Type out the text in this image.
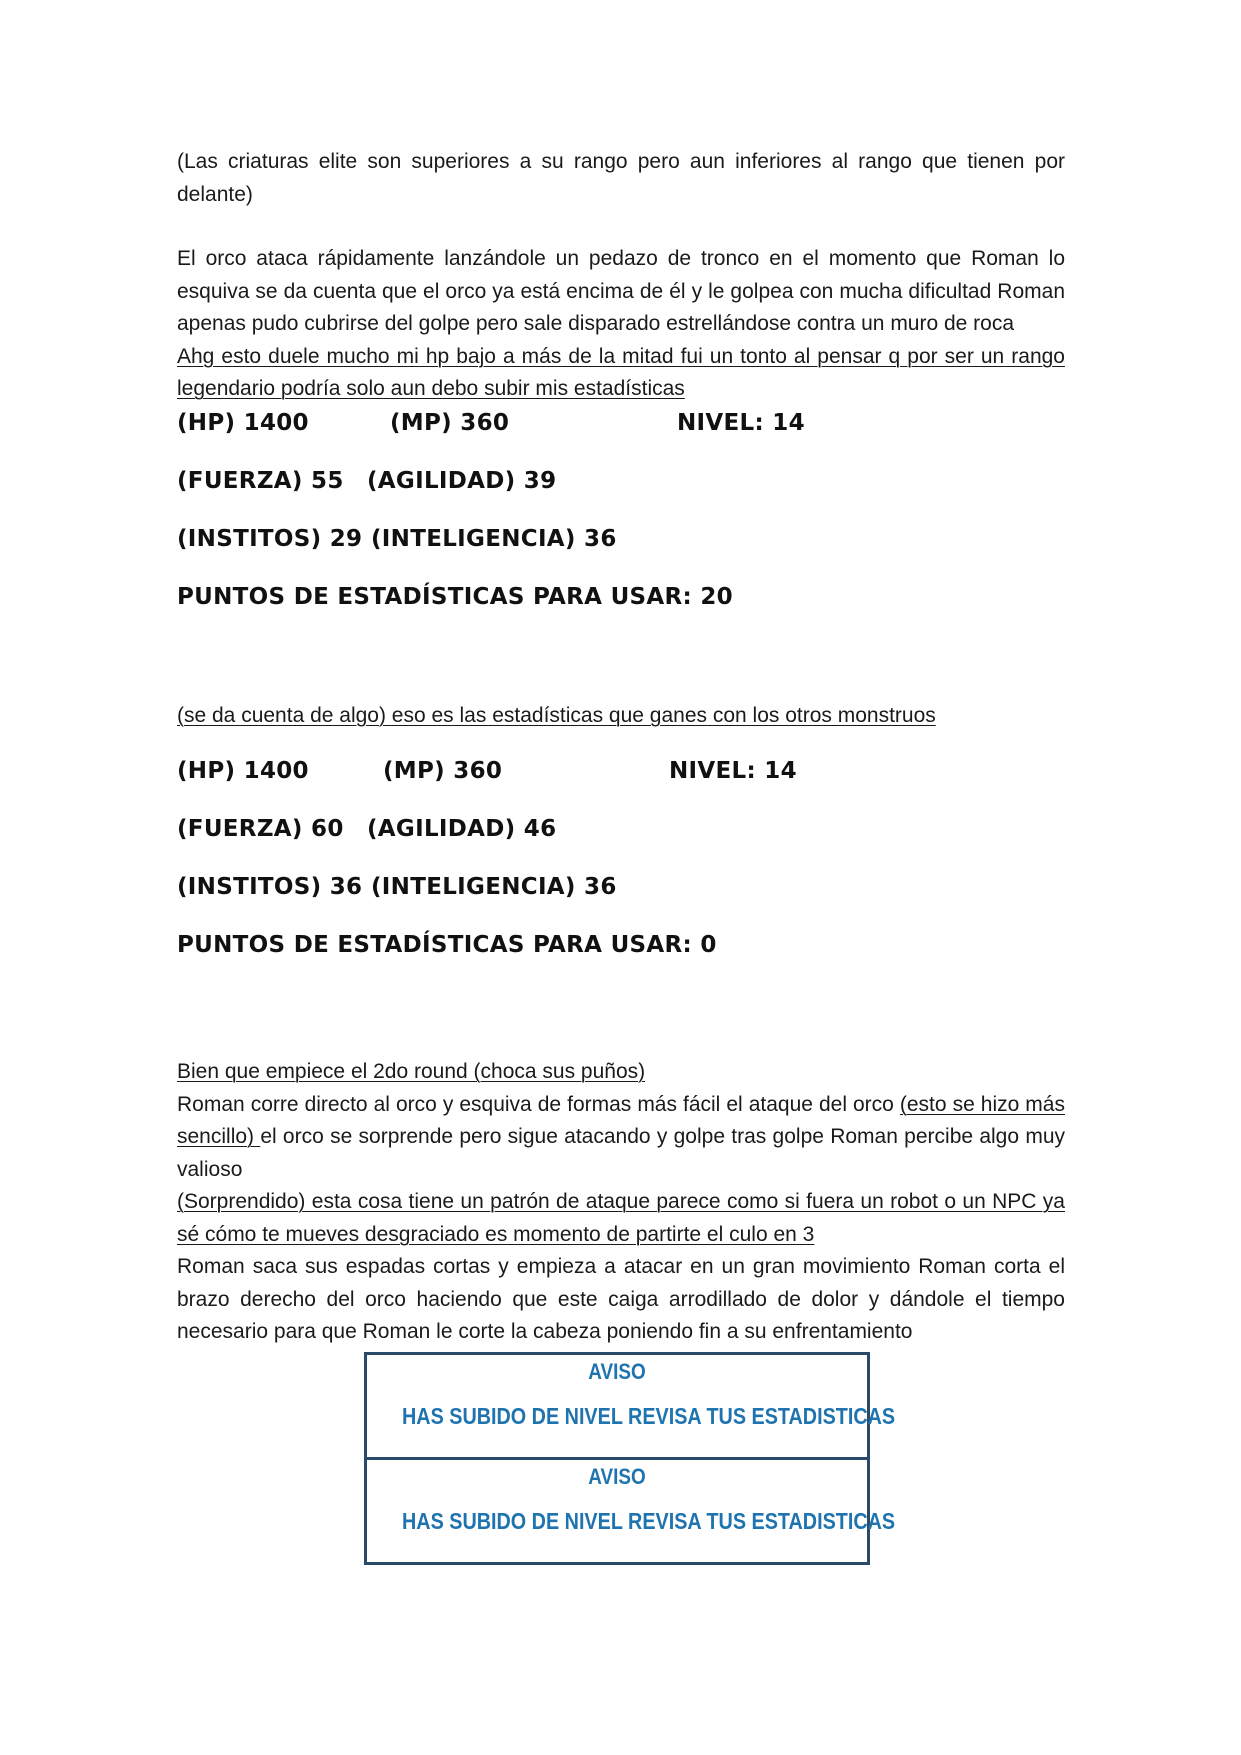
(Las criaturas elite son superiores a su rango pero aun inferiores al rango que tienen por delante)

El orco ataca rápidamente lanzándole un pedazo de tronco en el momento que Roman lo esquiva se da cuenta que el orco ya está encima de él y le golpea con mucha dificultad Roman apenas pudo cubrirse del golpe pero sale disparado estrellándose contra un muro de roca

Ahg esto duele mucho mi hp bajo a más de la mitad fui un tonto al pensar q por ser un rango legendario podría solo aun debo subir mis estadísticas

(HP) 1400

	(MP) 360

	NIVEL: 14

(FUERZA) 55

(AGILIDAD) 39

(INSTITOS) 29

(INTELIGENCIA) 36

PUNTOS DE ESTADÍSTICAS PARA USAR: 20

(se da cuenta de algo) eso es las estadísticas que ganes con los otros monstruos

(HP) 1400

	(MP) 360

	NIVEL: 14

(FUERZA) 60

(AGILIDAD) 46

(INSTITOS) 36

(INTELIGENCIA) 36

PUNTOS DE ESTADÍSTICAS PARA USAR: 0

Bien que empiece el 2do round (choca sus puños)

Roman corre directo al orco y esquiva de formas más fácil el ataque del orco (esto se hizo más sencillo) el orco se sorprende pero sigue atacando y golpe tras golpe Roman percibe algo muy valioso

(Sorprendido) esta cosa tiene un patrón de ataque parece como si fuera un robot o un NPC ya sé cómo te mueves desgraciado es momento de partirte el culo en 3

Roman saca sus espadas cortas y empieza a atacar en un gran movimiento Roman corta el brazo derecho del orco haciendo que este caiga arrodillado de dolor y dándole el tiempo necesario para que Roman le corte la cabeza poniendo fin a su enfrentamiento

AVISO
HAS SUBIDO DE NIVEL REVISA TUS ESTADISTICAS
AVISO
HAS SUBIDO DE NIVEL REVISA TUS ESTADISTICAS
